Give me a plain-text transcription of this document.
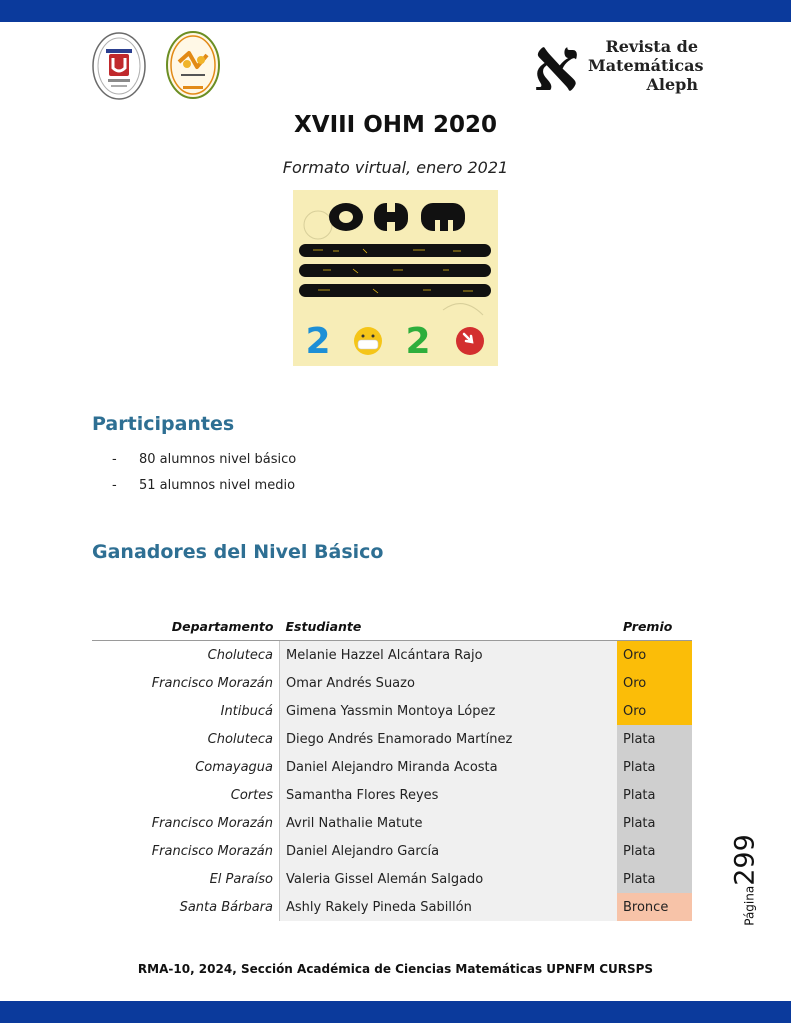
א	Revista de
Matemáticas
Aleph
XVIII OHM 2020
Formato virtual, enero 2021
2 2
Participantes
- 80 alumnos nivel básico
- 51 alumnos nivel medio
Ganadores del Nivel Básico
Departamento	Estudiante	Premio
Choluteca	Melanie Hazzel Alcántara Rajo	Oro
Francisco Morazán	Omar Andrés Suazo	Oro
Intibucá	Gimena Yassmin Montoya López	Oro
Choluteca	Diego Andrés Enamorado Martínez	Plata
Comayagua	Daniel Alejandro Miranda Acosta	Plata
Cortes	Samantha Flores Reyes	Plata
Francisco Morazán	Avril Nathalie Matute	Plata
Francisco Morazán	Daniel Alejandro García	Plata
El Paraíso	Valeria Gissel Alemán Salgado	Plata
Santa Bárbara	Ashly Rakely Pineda Sabillón	Bronce	Página299
RMA-10, 2024, Sección Académica de Ciencias Matemáticas UPNFM CURSPS
